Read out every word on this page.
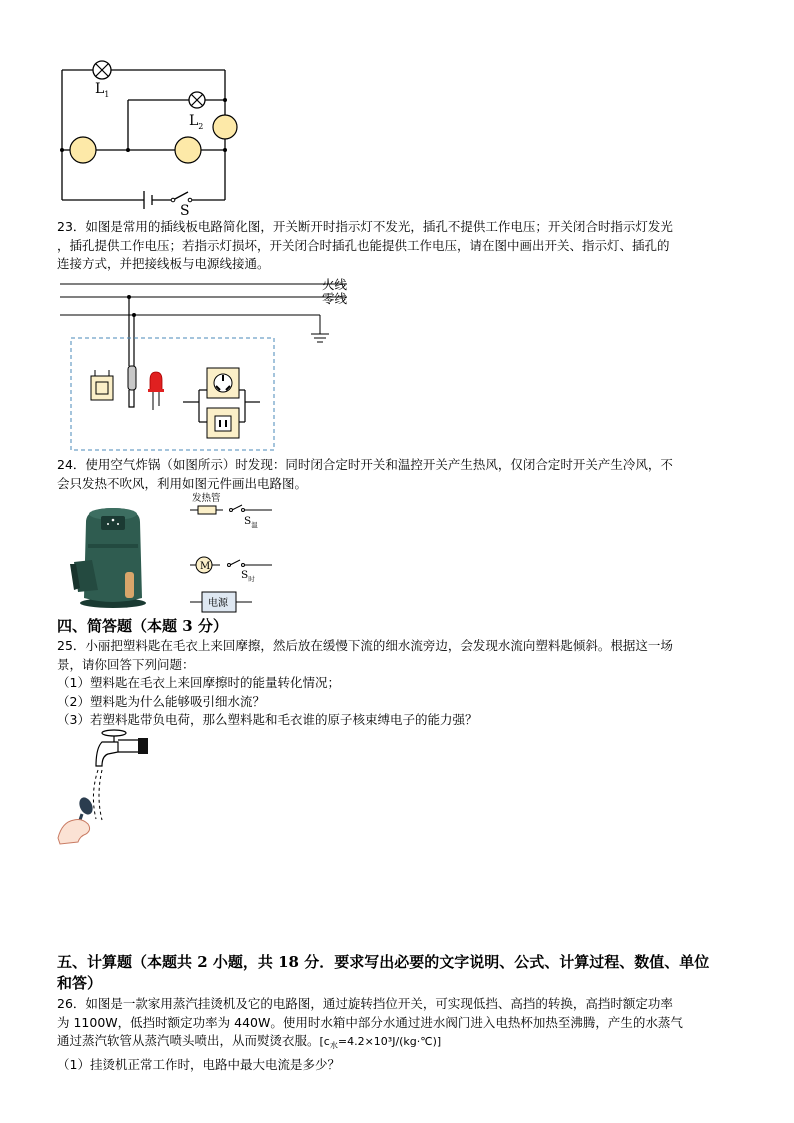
$L_1$
$L_2$
S
23．如图是常用的插线板电路简化图，开关断开时指示灯不发光，插孔不提供工作电压；开关闭合时指示灯发光
，插孔提供工作电压；若指示灯损坏，开关闭合时插孔也能提供工作电压，请在图中画出开关、指示灯、插孔的
连接方式，并把接线板与电源线接通。
火线
零线
24．使用空气炸锅（如图所示）时发现：同时闭合定时开关和温控开关产生热风，仅闭合定时开关产生冷风，不
会只发热不吹风，利用如图元件画出电路图。
发热管
$S_温$
M
$S_时$
电源
四、简答题（本题 3 分）
25．小丽把塑料匙在毛衣上来回摩擦，然后放在缓慢下流的细水流旁边，会发现水流向塑料匙倾斜。根据这一场
景，请你回答下列问题：
（1）塑料匙在毛衣上来回摩擦时的能量转化情况；
（2）塑料匙为什么能够吸引细水流？
（3）若塑料匙带负电荷，那么塑料匙和毛衣谁的原子核束缚电子的能力强？
五、计算题（本题共 2 小题，共 18 分．要求写出必要的文字说明、公式、计算过程、数值、单位
和答）
26．如图是一款家用蒸汽挂烫机及它的电路图，通过旋转挡位开关，可实现低挡、高挡的转换，高挡时额定功率
为 1100W，低挡时额定功率为 440W。使用时水箱中部分水通过进水阀门进入电热杯加热至沸腾，产生的水蒸气
通过蒸汽软管从蒸汽喷头喷出，从而熨烫衣服。$[c_水=4.2\times 10^3J/(kg\cdot℃)]$
（1）挂烫机正常工作时，电路中最大电流是多少？
